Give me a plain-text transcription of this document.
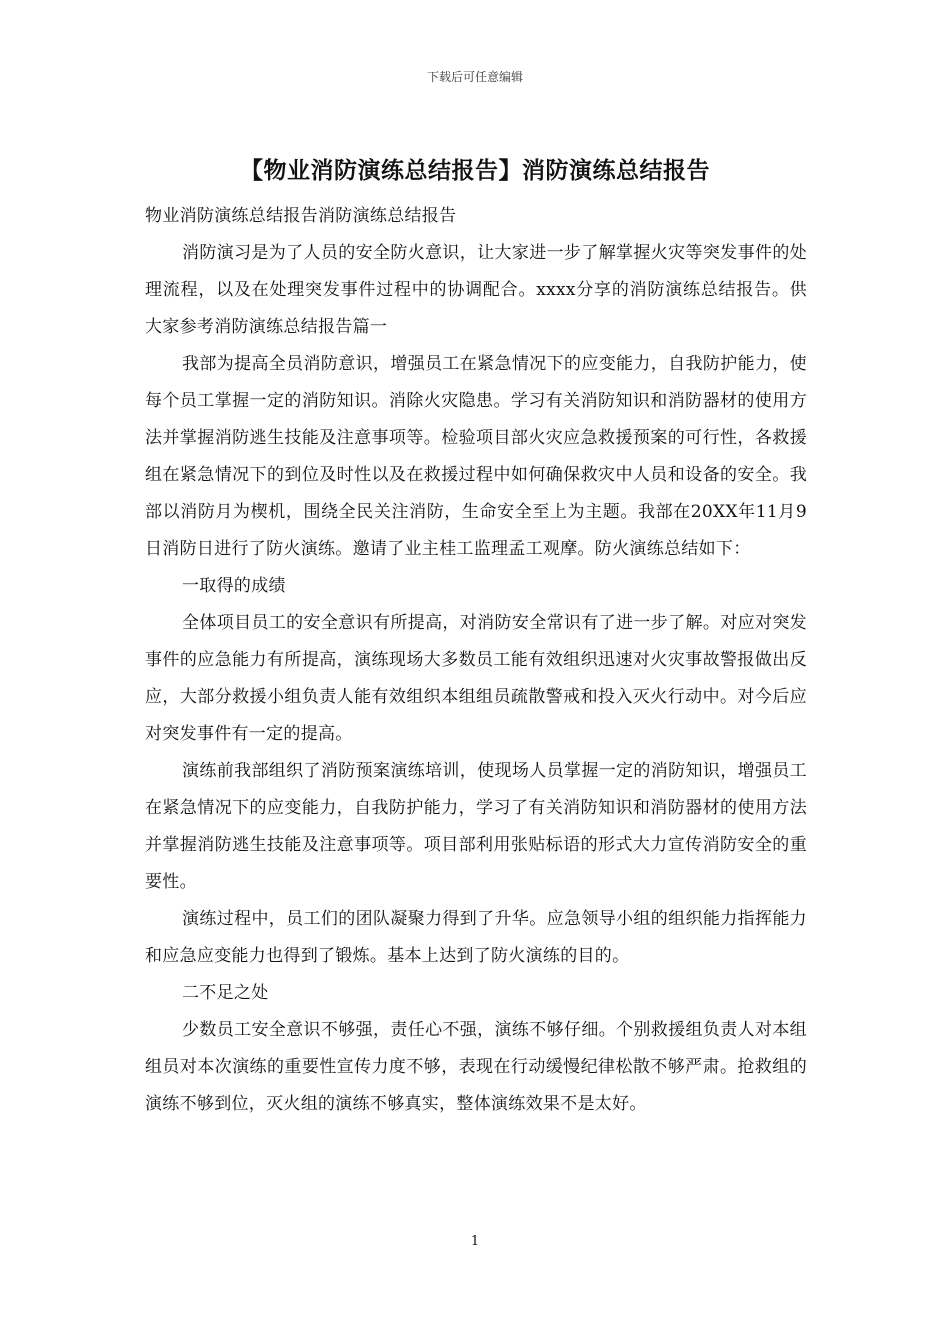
下载后可任意编辑
【物业消防演练总结报告】消防演练总结报告

物业消防演练总结报告消防演练总结报告

消防演习是为了人员的安全防火意识，让大家进一步了解掌握火灾等突发事件的处理流程，以及在处理突发事件过程中的协调配合。xxxx分享的消防演练总结报告。供大家参考消防演练总结报告篇一

我部为提高全员消防意识，增强员工在紧急情况下的应变能力，自我防护能力，使每个员工掌握一定的消防知识。消除火灾隐患。学习有关消防知识和消防器材的使用方法并掌握消防逃生技能及注意事项等。检验项目部火灾应急救援预案的可行性，各救援组在紧急情况下的到位及时性以及在救援过程中如何确保救灾中人员和设备的安全。我部以消防月为楔机，围绕全民关注消防，生命安全至上为主题。我部在20XX年11月9日消防日进行了防火演练。邀请了业主桂工监理孟工观摩。防火演练总结如下：

一取得的成绩

全体项目员工的安全意识有所提高，对消防安全常识有了进一步了解。对应对突发事件的应急能力有所提高，演练现场大多数员工能有效组织迅速对火灾事故警报做出反应，大部分救援小组负责人能有效组织本组组员疏散警戒和投入灭火行动中。对今后应对突发事件有一定的提高。

演练前我部组织了消防预案演练培训，使现场人员掌握一定的消防知识，增强员工在紧急情况下的应变能力，自我防护能力，学习了有关消防知识和消防器材的使用方法并掌握消防逃生技能及注意事项等。项目部利用张贴标语的形式大力宣传消防安全的重要性。

演练过程中，员工们的团队凝聚力得到了升华。应急领导小组的组织能力指挥能力和应急应变能力也得到了锻炼。基本上达到了防火演练的目的。

二不足之处

少数员工安全意识不够强，责任心不强，演练不够仔细。个别救援组负责人对本组组员对本次演练的重要性宣传力度不够，表现在行动缓慢纪律松散不够严肃。抢救组的演练不够到位，灭火组的演练不够真实，整体演练效果不是太好。

1
